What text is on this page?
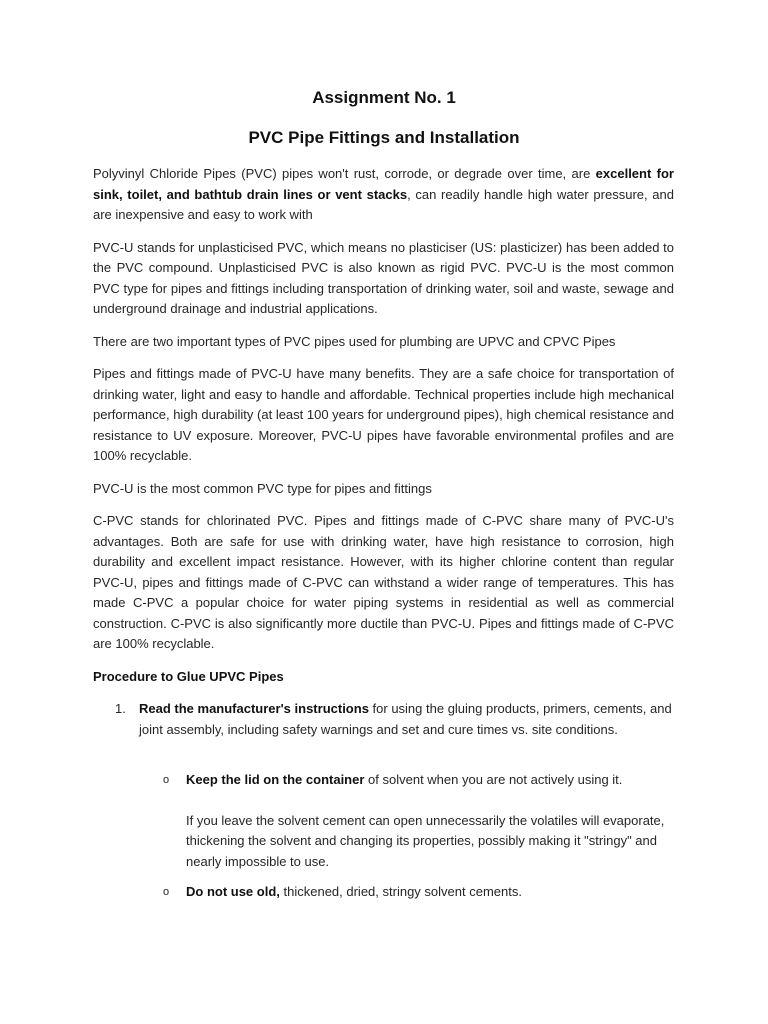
Assignment No. 1
PVC Pipe Fittings and Installation

Polyvinyl Chloride Pipes (PVC) pipes won't rust, corrode, or degrade over time, are excellent for sink, toilet, and bathtub drain lines or vent stacks, can readily handle high water pressure, and are inexpensive and easy to work with

PVC-U stands for unplasticised PVC, which means no plasticiser (US: plasticizer) has been added to the PVC compound. Unplasticised PVC is also known as rigid PVC. PVC-U is the most common PVC type for pipes and fittings including transportation of drinking water, soil and waste, sewage and underground drainage and industrial applications.

There are two important types of PVC pipes used for plumbing are UPVC and CPVC Pipes

Pipes and fittings made of PVC-U have many benefits. They are a safe choice for transportation of drinking water, light and easy to handle and affordable. Technical properties include high mechanical performance, high durability (at least 100 years for underground pipes), high chemical resistance and resistance to UV exposure. Moreover, PVC-U pipes have favorable environmental profiles and are 100% recyclable.

PVC-U is the most common PVC type for pipes and fittings

C-PVC stands for chlorinated PVC. Pipes and fittings made of C-PVC share many of PVC-U's advantages. Both are safe for use with drinking water, have high resistance to corrosion, high durability and excellent impact resistance. However, with its higher chlorine content than regular PVC-U, pipes and fittings made of C-PVC can withstand a wider range of temperatures. This has made C-PVC a popular choice for water piping systems in residential as well as commercial construction. C-PVC is also significantly more ductile than PVC-U. Pipes and fittings made of C-PVC are 100% recyclable.

Procedure to Glue UPVC Pipes
1. Read the manufacturer's instructions for using the gluing products, primers, cements, and joint assembly, including safety warnings and set and cure times vs. site conditions.
o Keep the lid on the container of solvent when you are not actively using it.
If you leave the solvent cement can open unnecessarily the volatiles will evaporate, thickening the solvent and changing its properties, possibly making it "stringy" and nearly impossible to use.
o Do not use old, thickened, dried, stringy solvent cements.
